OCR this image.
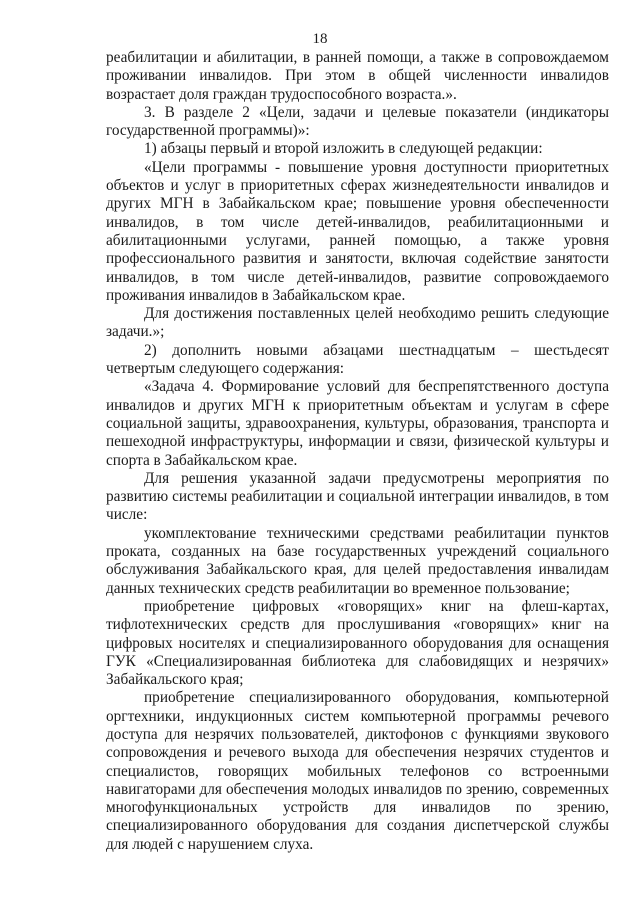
18

реабилитации и абилитации, в ранней помощи, а также в сопровождаемом проживании инвалидов. При этом в общей численности инвалидов возрастает доля граждан трудоспособного возраста.».

3. В разделе 2 «Цели, задачи и целевые показатели (индикаторы государственной программы)»:

1) абзацы первый и второй изложить в следующей редакции:

«Цели программы - повышение уровня доступности приоритетных объектов и услуг в приоритетных сферах жизнедеятельности инвалидов и других МГН в Забайкальском крае; повышение уровня обеспеченности инвалидов, в том числе детей-инвалидов, реабилитационными и абилитационными услугами, ранней помощью, а также уровня профессионального развития и занятости, включая содействие занятости инвалидов, в том числе детей-инвалидов, развитие сопровождаемого проживания инвалидов в Забайкальском крае.

Для достижения поставленных целей необходимо решить следующие задачи.»;

2) дополнить новыми абзацами шестнадцатым – шестьдесят четвертым следующего содержания:

«Задача 4. Формирование условий для беспрепятственного доступа инвалидов и других МГН к приоритетным объектам и услугам в сфере социальной защиты, здравоохранения, культуры, образования, транспорта и пешеходной инфраструктуры, информации и связи, физической культуры и спорта в Забайкальском крае.

Для решения указанной задачи предусмотрены мероприятия по развитию системы реабилитации и социальной интеграции инвалидов, в том числе:

укомплектование техническими средствами реабилитации пунктов проката, созданных на базе государственных учреждений социального обслуживания Забайкальского края, для целей предоставления инвалидам данных технических средств реабилитации во временное пользование;

приобретение цифровых «говорящих» книг на флеш-картах, тифлотехнических средств для прослушивания «говорящих» книг на цифровых носителях и специализированного оборудования для оснащения ГУК «Специализированная библиотека для слабовидящих и незрячих» Забайкальского края;

приобретение специализированного оборудования, компьютерной оргтехники, индукционных систем компьютерной программы речевого доступа для незрячих пользователей, диктофонов с функциями звукового сопровождения и речевого выхода для обеспечения незрячих студентов и специалистов, говорящих мобильных телефонов со встроенными навигаторами для обеспечения молодых инвалидов по зрению, современных многофункциональных устройств для инвалидов по зрению, специализированного оборудования для создания диспетчерской службы для людей с нарушением слуха.
